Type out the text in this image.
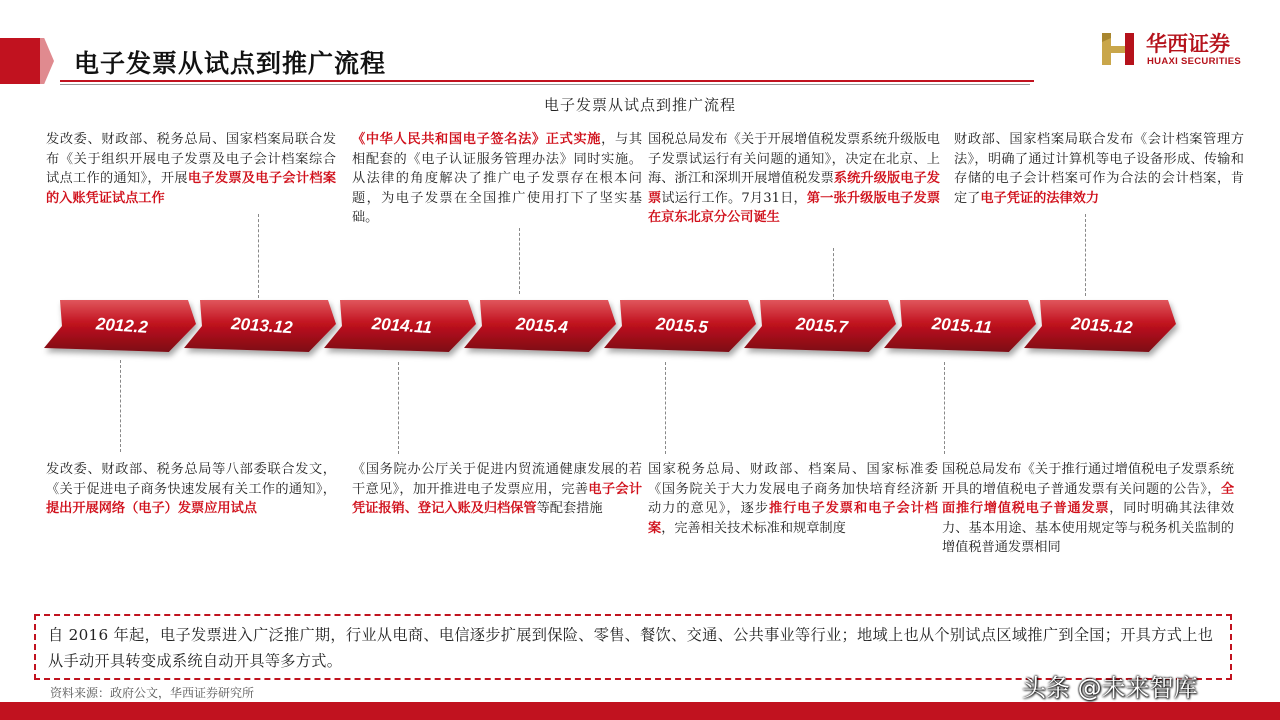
电子发票从试点到推广流程
华西证券
HUAXI SECURITIES
电子发票从试点到推广流程
发改委、财政部、税务总局、国家档案局联合发布《关于组织开展电子发票及电子会计档案综合试点工作的通知》，开展电子发票及电子会计档案的入账凭证试点工作
《中华人民共和国电子签名法》正式实施，与其相配套的《电子认证服务管理办法》同时实施。从法律的角度解决了推广电子发票存在根本问题，为电子发票在全国推广使用打下了坚实基础。
国税总局发布《关于开展增值税发票系统升级版电子发票试运行有关问题的通知》，决定在北京、上海、浙江和深圳开展增值税发票系统升级版电子发票试运行工作。7月31日，第一张升级版电子发票在京东北京分公司诞生
财政部、国家档案局联合发布《会计档案管理方法》，明确了通过计算机等电子设备形成、传输和存储的电子会计档案可作为合法的会计档案，肯定了电子凭证的法律效力
2012.2	2013.12	2014.11	2015.4	2015.5	2015.7	2015.11	2015.12
发改委、财政部、税务总局等八部委联合发文，《关于促进电子商务快速发展有关工作的通知》，提出开展网络（电子）发票应用试点
《国务院办公厅关于促进内贸流通健康发展的若干意见》，加开推进电子发票应用，完善电子会计凭证报销、登记入账及归档保管等配套措施
国家税务总局、财政部、档案局、国家标准委《国务院关于大力发展电子商务加快培育经济新动力的意见》，逐步推行电子发票和电子会计档案，完善相关技术标准和规章制度
国税总局发布《关于推行通过增值税电子发票系统开具的增值税电子普通发票有关问题的公告》，全面推行增值税电子普通发票，同时明确其法律效力、基本用途、基本使用规定等与税务机关监制的增值税普通发票相同
自 2016 年起，电子发票进入广泛推广期，行业从电商、电信逐步扩展到保险、零售、餐饮、交通、公共事业等行业；地域上也从个别试点区域推广到全国；开具方式上也从手动开具转变成系统自动开具等多方式。
资料来源：政府公文，华西证券研究所	头条 @未来智库
